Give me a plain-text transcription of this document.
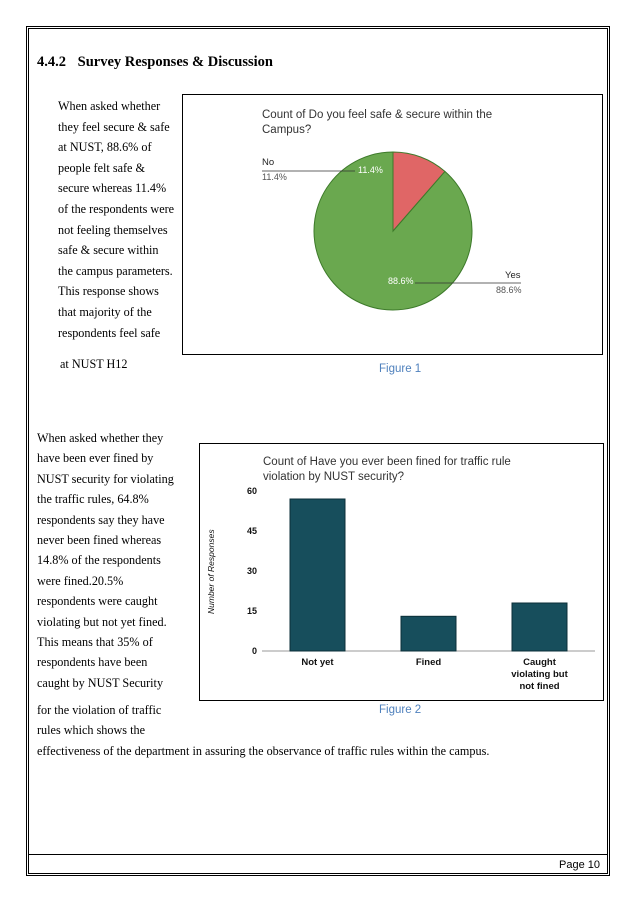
4.4.2 Survey Responses & Discussion
When asked whether
they feel secure & safe
at NUST, 88.6% of
people felt safe &
secure whereas 11.4%
of the respondents were
not feeling themselves
safe & secure within
the campus parameters.
This response shows
that majority of the
respondents feel safe
at NUST H12
Count of Do you feel safe & secure within the
Campus?
No
11.4%
Yes
88.6%
11.4%
88.6%
Figure 1
When asked whether they
have been ever fined by
NUST security for violating
the traffic rules, 64.8%
respondents say they have
never been fined whereas
14.8% of the respondents
were fined.20.5%
respondents were caught
violating but not yet fined.
This means that 35% of
respondents have been
caught by NUST Security
for the violation of traffic
rules which shows the
effectiveness of the department in assuring the observance of traffic rules within the campus.
Count of Have you ever been fined for traffic rule
violation by NUST security?
Number of Responses
0
15
30
45
60
Not yet	Fined	Caught
violating but
not fined
Figure 2
Page 10
